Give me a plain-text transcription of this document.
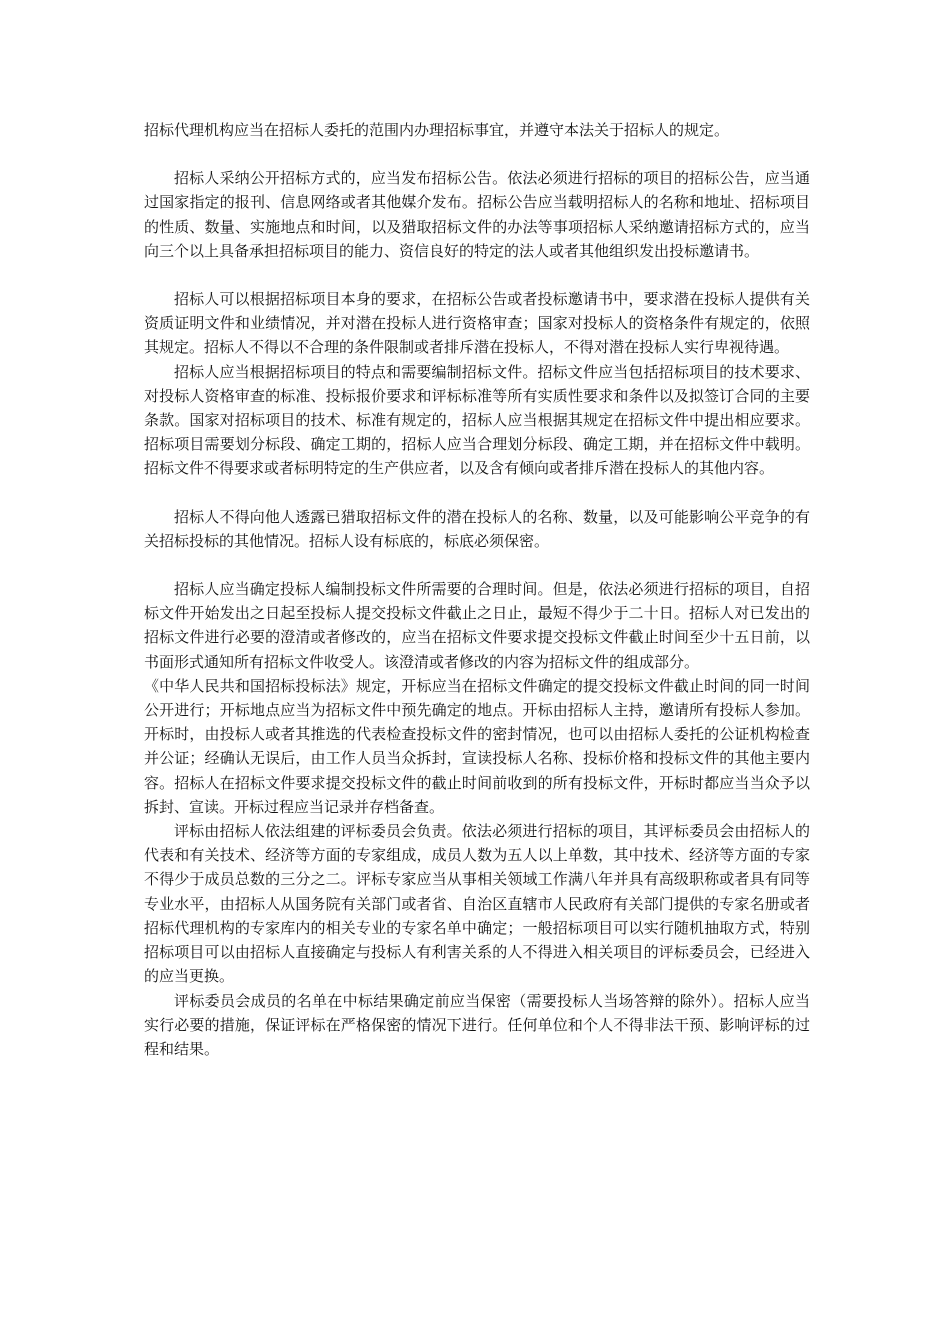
招标代理机构应当在招标人委托的范围内办理招标事宜，并遵守本法关于招标人的规定。

招标人采纳公开招标方式的，应当发布招标公告。依法必须进行招标的项目的招标公告，应当通过国家指定的报刊、信息网络或者其他媒介发布。招标公告应当载明招标人的名称和地址、招标项目的性质、数量、实施地点和时间，以及猎取招标文件的办法等事项招标人采纳邀请招标方式的，应当向三个以上具备承担招标项目的能力、资信良好的特定的法人或者其他组织发出投标邀请书。

招标人可以根据招标项目本身的要求，在招标公告或者投标邀请书中，要求潜在投标人提供有关资质证明文件和业绩情况，并对潜在投标人进行资格审查；国家对投标人的资格条件有规定的，依照其规定。招标人不得以不合理的条件限制或者排斥潜在投标人，不得对潜在投标人实行卑视待遇。

招标人应当根据招标项目的特点和需要编制招标文件。招标文件应当包括招标项目的技术要求、对投标人资格审查的标准、投标报价要求和评标标准等所有实质性要求和条件以及拟签订合同的主要条款。国家对招标项目的技术、标准有规定的，招标人应当根据其规定在招标文件中提出相应要求。招标项目需要划分标段、确定工期的，招标人应当合理划分标段、确定工期，并在招标文件中载明。招标文件不得要求或者标明特定的生产供应者，以及含有倾向或者排斥潜在投标人的其他内容。

招标人不得向他人透露已猎取招标文件的潜在投标人的名称、数量，以及可能影响公平竞争的有关招标投标的其他情况。招标人设有标底的，标底必须保密。

招标人应当确定投标人编制投标文件所需要的合理时间。但是，依法必须进行招标的项目，自招标文件开始发出之日起至投标人提交投标文件截止之日止，最短不得少于二十日。招标人对已发出的招标文件进行必要的澄清或者修改的，应当在招标文件要求提交投标文件截止时间至少十五日前，以书面形式通知所有招标文件收受人。该澄清或者修改的内容为招标文件的组成部分。

《中华人民共和国招标投标法》规定，开标应当在招标文件确定的提交投标文件截止时间的同一时间公开进行；开标地点应当为招标文件中预先确定的地点。开标由招标人主持，邀请所有投标人参加。开标时，由投标人或者其推选的代表检查投标文件的密封情况，也可以由招标人委托的公证机构检查并公证；经确认无误后，由工作人员当众拆封，宣读投标人名称、投标价格和投标文件的其他主要内容。招标人在招标文件要求提交投标文件的截止时间前收到的所有投标文件，开标时都应当当众予以拆封、宣读。开标过程应当记录并存档备查。

评标由招标人依法组建的评标委员会负责。依法必须进行招标的项目，其评标委员会由招标人的代表和有关技术、经济等方面的专家组成，成员人数为五人以上单数，其中技术、经济等方面的专家不得少于成员总数的三分之二。评标专家应当从事相关领域工作满八年并具有高级职称或者具有同等专业水平，由招标人从国务院有关部门或者省、自治区直辖市人民政府有关部门提供的专家名册或者招标代理机构的专家库内的相关专业的专家名单中确定；一般招标项目可以实行随机抽取方式，特别招标项目可以由招标人直接确定与投标人有利害关系的人不得进入相关项目的评标委员会，已经进入的应当更换。

评标委员会成员的名单在中标结果确定前应当保密（需要投标人当场答辩的除外）。招标人应当实行必要的措施，保证评标在严格保密的情况下进行。任何单位和个人不得非法干预、影响评标的过程和结果。
